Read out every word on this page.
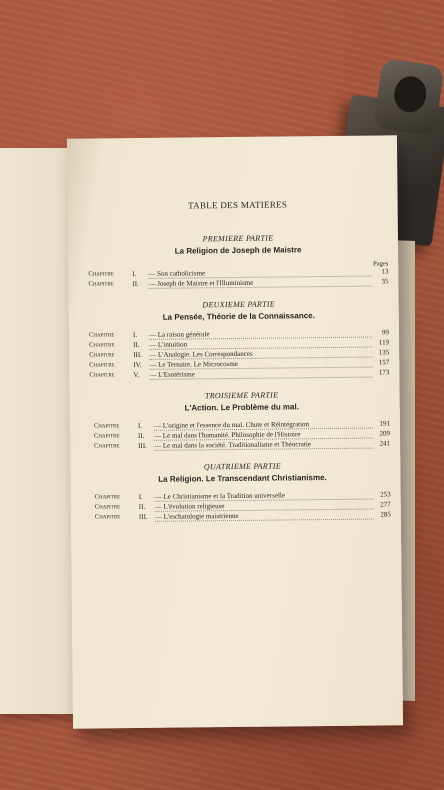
TABLE DES MATIERES
PREMIERE PARTIE
La Religion de Joseph de Maistre
Pages
Chapitre	I.	— Son catholicisme	13
Chapitre	II.	— Joseph de Maistre et l'Illuminisme	35
DEUXIEME PARTIE
La Pensée, Théorie de la Connaissance.
Chapitre	I.	— La raison générale	99
Chapitre	II.	— L'intuition	119
Chapitre	III.	— L'Analogie. Les Correspondances	135
Chapitre	IV.	— Le Ternaire. Le Microcosme	157
Chapitre	V.	— L'Esotérisme	173
TROISIEME PARTIE
L'Action. Le Problème du mal.
Chapitre	I.	— L'origine et l'essence du mal. Chute et Réintégration	191
Chapitre	II.	— Le mal dans l'humanité. Philosophie de l'Histoire	209
Chapitre	III.	— Le mal dans la société. Traditionalisme et Théocratie	241
QUATRIEME PARTIE
La Religion. Le Transcendant Christianisme.
Chapitre	I.	— Le Christianisme et la Tradition universelle	253
Chapitre	II.	— L'évolution religieuse	277
Chapitre	III.	— L'eschatologie maistrienne	285
